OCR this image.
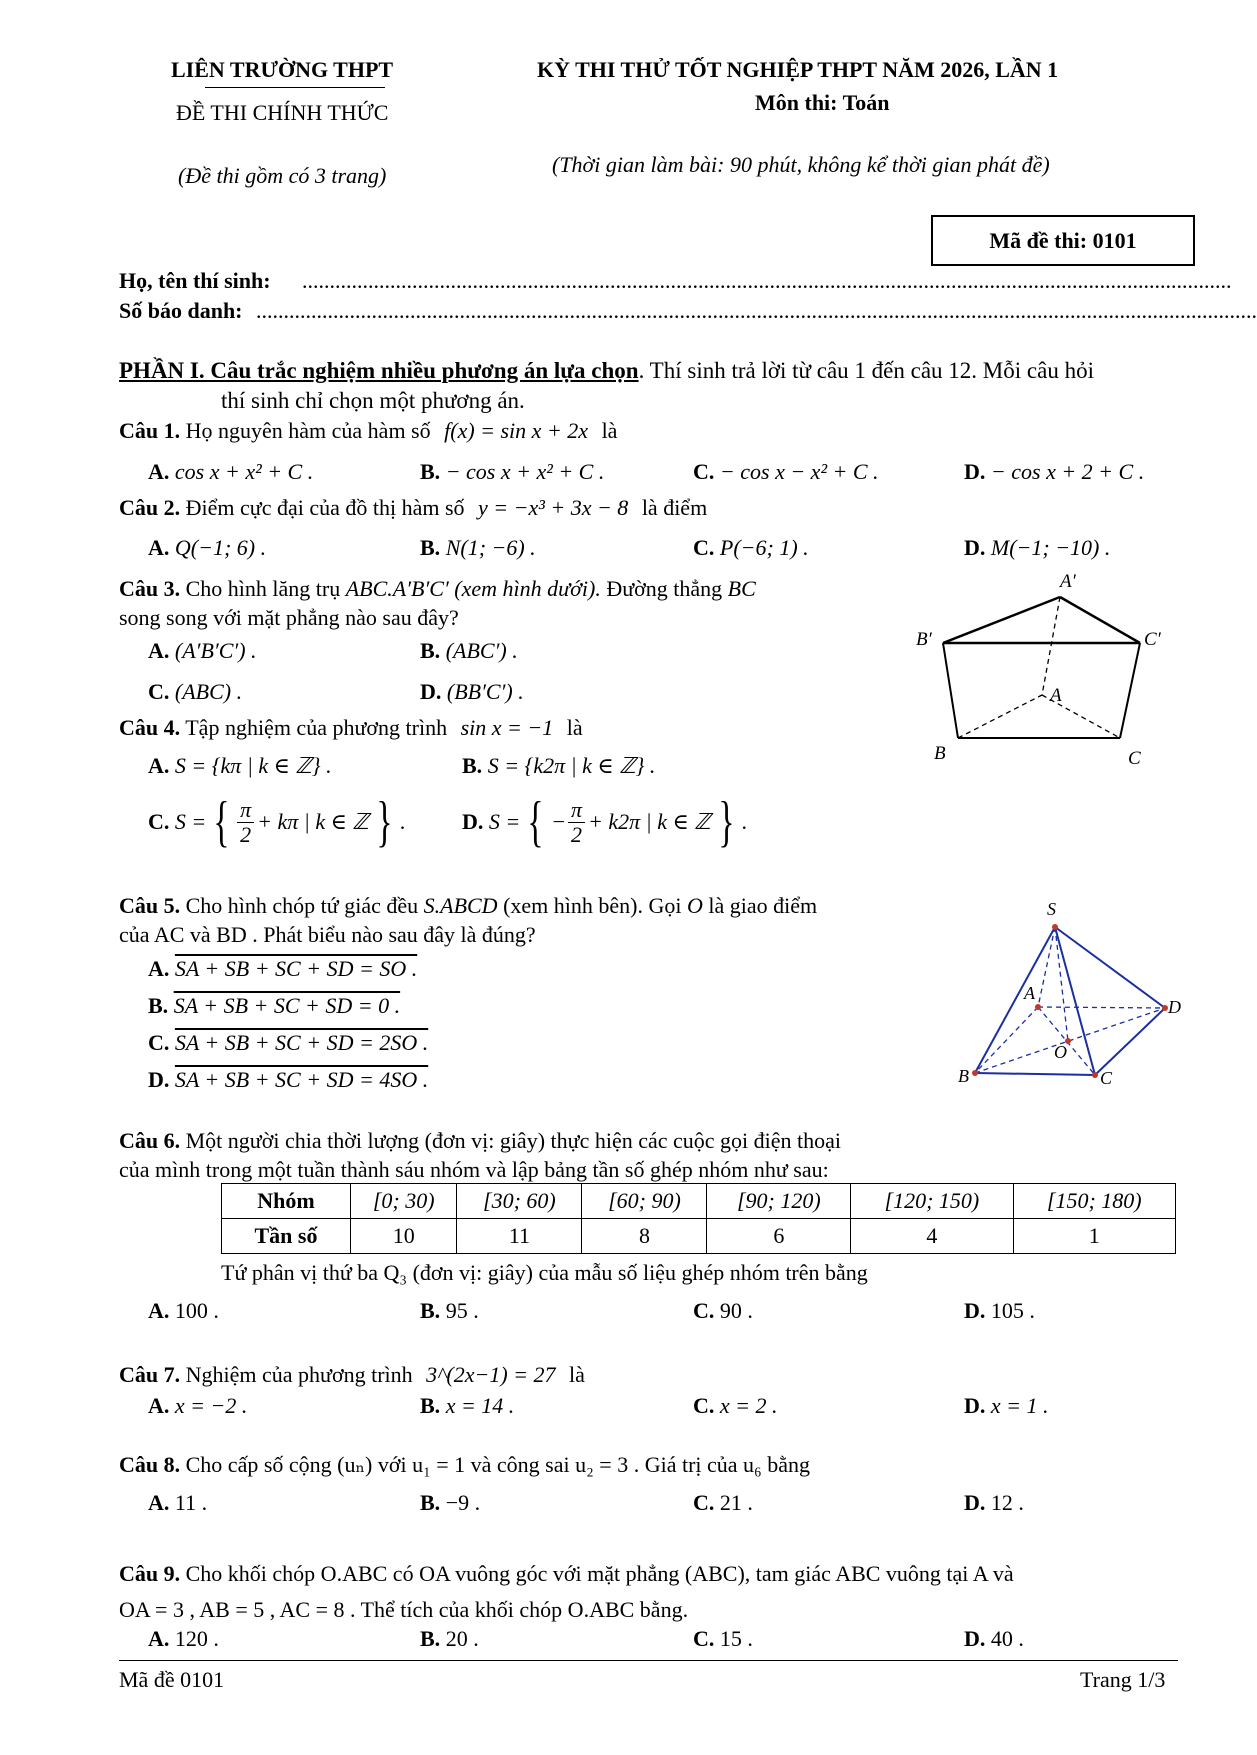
LIÊN TRƯỜNG THPT
ĐỀ THI CHÍNH THỨC
(Đề thi gồm có 3 trang)
KỲ THI THỬ TỐT NGHIỆP THPT NĂM 2026, LẦN 1
Môn thi: Toán
(Thời gian làm bài: 90 phút, không kể thời gian phát đề)
Mã đề thi: 0101
Họ, tên thí sinh: .........................................................................................................................................................................
Số báo danh: ......................................................................................................................................................................................
PHẦN I. Câu trắc nghiệm nhiều phương án lựa chọn. Thí sinh trả lời từ câu 1 đến câu 12. Mỗi câu hỏi
thí sinh chỉ chọn một phương án.
Câu 1. Họ nguyên hàm của hàm số f(x) = sin x + 2x là
A. cos x + x² + C .	B. − cos x + x² + C .	C. − cos x − x² + C .	D. − cos x + 2 + C .
Câu 2. Điểm cực đại của đồ thị hàm số y = −x³ + 3x − 8 là điểm
A. Q(−1; 6) .	B. N(1; −6) .	C. P(−6; 1) .	D. M(−1; −10) .
Câu 3. Cho hình lăng trụ ABC.A′B′C′ (xem hình dưới). Đường thẳng BC
song song với mặt phẳng nào sau đây?
A. (A′B′C′) .	B. (ABC′) .
C. (ABC) .	D. (BB′C′) .
A′
B′	C′
A
B	C
Câu 4. Tập nghiệm của phương trình sin x = −1 là
A. S = {kπ | k ∈ ℤ} .	B. S = {k2π | k ∈ ℤ} .
C.
S = { π
2 + kπ | k ∈ ℤ } .	D.
S = { − $\frac{\pi}{2} + k2\pi$ | k ∈ ℤ } .
Câu 5. Cho hình chóp tứ giác đều S.ABCD (xem hình bên). Gọi O là giao điểm
của AC và BD . Phát biểu nào sau đây là đúng?
A. SA + SB + SC + SD = SO .
B. SA + SB + SC + SD = 0 .
C. SA + SB + SC + SD = 2SO .
D. SA + SB + SC + SD = 4SO .
S
A
B	C
D
O
Câu 6. Một người chia thời lượng (đơn vị: giây) thực hiện các cuộc gọi điện thoại
của mình trong một tuần thành sáu nhóm và lập bảng tần số ghép nhóm như sau:
Nhóm	[0; 30)	[30; 60)	[60; 90)	[90; 120)	[120; 150)	[150; 180)
Tần số	10	11	8	6	4	1
Tứ phân vị thứ ba Q₃ (đơn vị: giây) của mẫu số liệu ghép nhóm trên bằng
A. 100 .	B. 95 .	C. 90 .	D. 105 .
Câu 7. Nghiệm của phương trình 3^(2x−1) = 27 là
A. x = −2 .	B. x = 14 .	C. x = 2 .	D. x = 1 .
Câu 8. Cho cấp số cộng (uₙ) với u₁ = 1 và công sai u₂ = 3 . Giá trị của u₆ bằng
A. 11 .	B. −9 .	C. 21 .	D. 12 .
Câu 9. Cho khối chóp O.ABC có OA vuông góc với mặt phẳng (ABC), tam giác ABC vuông tại A và
OA = 3 , AB = 5 , AC = 8 . Thể tích của khối chóp O.ABC bằng.
A. 120 .	B. 20 .	C. 15 .	D. 40 .
Mã đề 0101	Trang 1/3
